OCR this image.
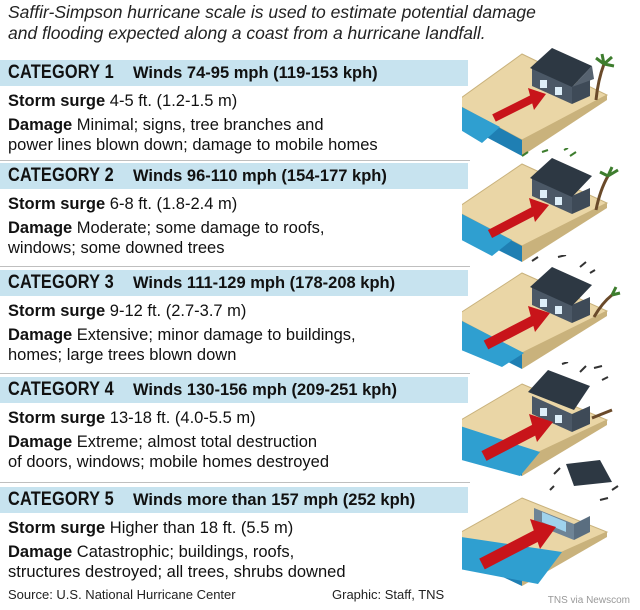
Saffir-Simpson hurricane scale is used to estimate potential damage
and flooding expected along a coast from a hurricane landfall.
CATEGORY 1 Winds 74-95 mph (119-153 kph)
Storm surge 4-5 ft. (1.2-1.5 m)
Damage Minimal; signs, tree branches and
power lines blown down; damage to mobile homes
CATEGORY 2 Winds 96-110 mph (154-177 kph)
Storm surge 6-8 ft. (1.8-2.4 m)
Damage Moderate; some damage to roofs,
windows; some downed trees
CATEGORY 3 Winds 111-129 mph (178-208 kph)
Storm surge 9-12 ft. (2.7-3.7 m)
Damage Extensive; minor damage to buildings,
homes; large trees blown down
CATEGORY 4 Winds 130-156 mph (209-251 kph)
Storm surge 13-18 ft. (4.0-5.5 m)
Damage Extreme; almost total destruction
of doors, windows; mobile homes destroyed
CATEGORY 5 Winds more than 157 mph (252 kph)
Storm surge Higher than 18 ft. (5.5 m)
Damage Catastrophic; buildings, roofs,
structures destroyed; all trees, shrubs downed
Source: U.S. National Hurricane Center	Graphic: Staff, TNS	TNS via Newscom
